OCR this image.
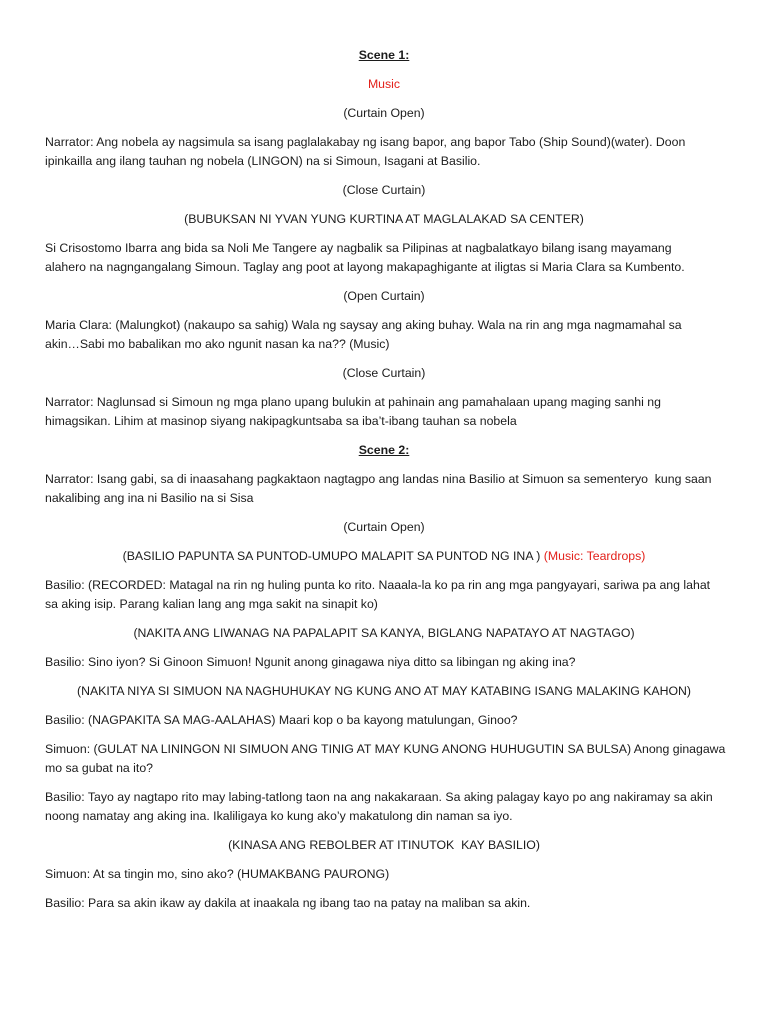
Scene 1:
Music
(Curtain Open)
Narrator: Ang nobela ay nagsimula sa isang paglalakabay ng isang bapor, ang bapor Tabo (Ship Sound)(water). Doon
ipinkailla ang ilang tauhan ng nobela (LINGON) na si Simoun, Isagani at Basilio.
(Close Curtain)
(BUBUKSAN NI YVAN YUNG KURTINA AT MAGLALAKAD SA CENTER)
Si Crisostomo Ibarra ang bida sa Noli Me Tangere ay nagbalik sa Pilipinas at nagbalatkayo bilang isang mayamang
alahero na nagngangalang Simoun. Taglay ang poot at layong makapaghigante at iligtas si Maria Clara sa Kumbento.
(Open Curtain)
Maria Clara: (Malungkot) (nakaupo sa sahig) Wala ng saysay ang aking buhay. Wala na rin ang mga nagmamahal sa
akin…Sabi mo babalikan mo ako ngunit nasan ka na?? (Music)
(Close Curtain)
Narrator: Naglunsad si Simoun ng mga plano upang bulukin at pahinain ang pamahalaan upang maging sanhi ng
himagsikan. Lihim at masinop siyang nakipagkuntsaba sa iba’t-ibang tauhan sa nobela
Scene 2:
Narrator: Isang gabi, sa di inaasahang pagkaktaon nagtagpo ang landas nina Basilio at Simuon sa sementeryo  kung saan
nakalibing ang ina ni Basilio na si Sisa
(Curtain Open)
(BASILIO PAPUNTA SA PUNTOD-UMUPO MALAPIT SA PUNTOD NG INA ) (Music: Teardrops)
Basilio: (RECORDED: Matagal na rin ng huling punta ko rito. Naaala-la ko pa rin ang mga pangyayari, sariwa pa ang lahat
sa aking isip. Parang kalian lang ang mga sakit na sinapit ko)
(NAKITA ANG LIWANAG NA PAPALAPIT SA KANYA, BIGLANG NAPATAYO AT NAGTAGO)
Basilio: Sino iyon? Si Ginoon Simuon! Ngunit anong ginagawa niya ditto sa libingan ng aking ina?
(NAKITA NIYA SI SIMUON NA NAGHUHUKAY NG KUNG ANO AT MAY KATABING ISANG MALAKING KAHON)
Basilio: (NAGPAKITA SA MAG-AALAHAS) Maari kop o ba kayong matulungan, Ginoo?
Simuon: (GULAT NA LININGON NI SIMUON ANG TINIG AT MAY KUNG ANONG HUHUGUTIN SA BULSA) Anong ginagawa
mo sa gubat na ito?
Basilio: Tayo ay nagtapo rito may labing-tatlong taon na ang nakakaraan. Sa aking palagay kayo po ang nakiramay sa akin
noong namatay ang aking ina. Ikaliligaya ko kung ako’y makatulong din naman sa iyo.
(KINASA ANG REBOLBER AT ITINUTOK  KAY BASILIO)
Simuon: At sa tingin mo, sino ako? (HUMAKBANG PAURONG)
Basilio: Para sa akin ikaw ay dakila at inaakala ng ibang tao na patay na maliban sa akin.
